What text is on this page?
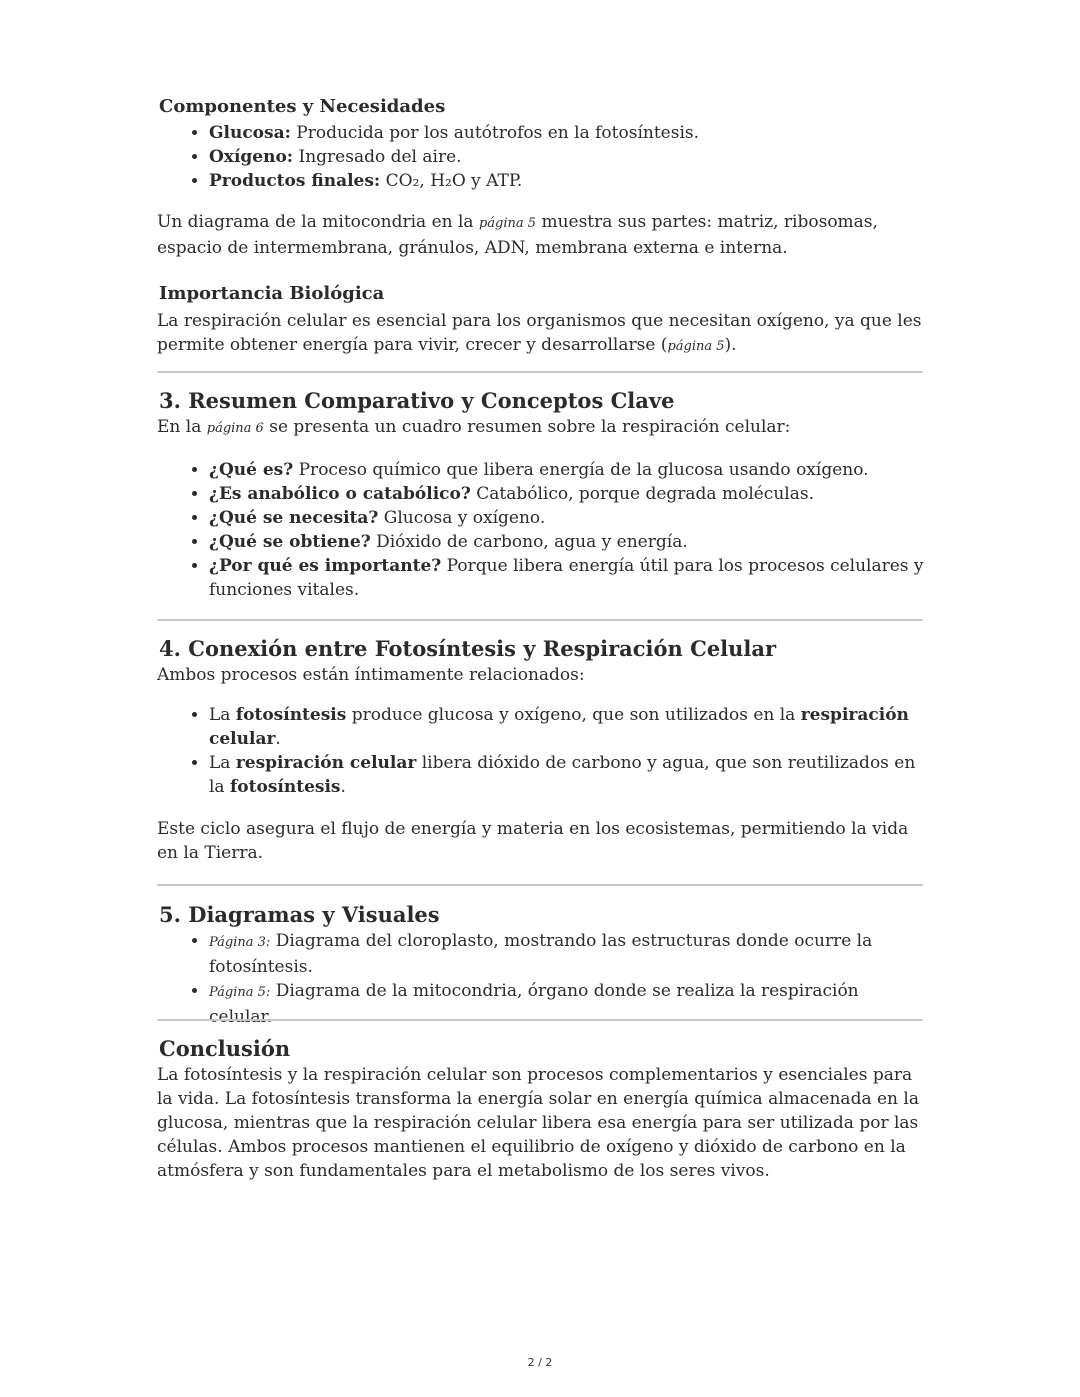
Componentes y Necesidades
• Glucosa: Producida por los autótrofos en la fotosíntesis.
• Oxígeno: Ingresado del aire.
• Productos finales: CO₂, H₂O y ATP.

Un diagrama de la mitocondria en la página 5 muestra sus partes: matriz, ribosomas, espacio de intermembrana, gránulos, ADN, membrana externa e interna.

Importancia Biológica

La respiración celular es esencial para los organismos que necesitan oxígeno, ya que les permite obtener energía para vivir, crecer y desarrollarse (página 5).

3. Resumen Comparativo y Conceptos Clave

En la página 6 se presenta un cuadro resumen sobre la respiración celular:

• ¿Qué es? Proceso químico que libera energía de la glucosa usando oxígeno.
• ¿Es anabólico o catabólico? Catabólico, porque degrada moléculas.
• ¿Qué se necesita? Glucosa y oxígeno.
• ¿Qué se obtiene? Dióxido de carbono, agua y energía.
• ¿Por qué es importante? Porque libera energía útil para los procesos celulares y funciones vitales.
4. Conexión entre Fotosíntesis y Respiración Celular

Ambos procesos están íntimamente relacionados:

• La fotosíntesis produce glucosa y oxígeno, que son utilizados en la respiración celular.
• La respiración celular libera dióxido de carbono y agua, que son reutilizados en la fotosíntesis.

Este ciclo asegura el flujo de energía y materia en los ecosistemas, permitiendo la vida en la Tierra.

5. Diagramas y Visuales
• Página 3: Diagrama del cloroplasto, mostrando las estructuras donde ocurre la fotosíntesis.
• Página 5: Diagrama de la mitocondria, órgano donde se realiza la respiración celular.
Conclusión

La fotosíntesis y la respiración celular son procesos complementarios y esenciales para la vida. La fotosíntesis transforma la energía solar en energía química almacenada en la glucosa, mientras que la respiración celular libera esa energía para ser utilizada por las células. Ambos procesos mantienen el equilibrio de oxígeno y dióxido de carbono en la atmósfera y son fundamentales para el metabolismo de los seres vivos.

2 / 2
